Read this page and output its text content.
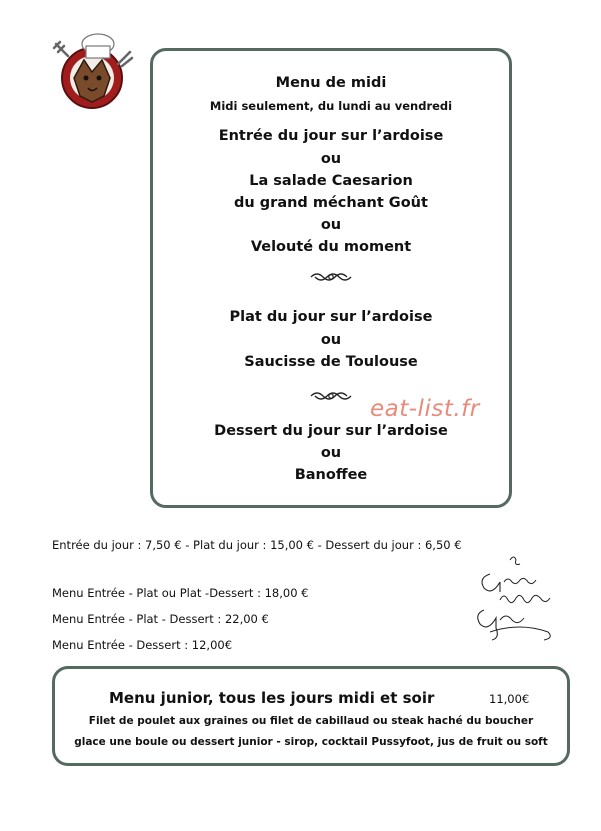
Menu de midi
Midi seulement, du lundi au vendredi
Entrée du jour sur l’ardoise
ou
La salade Caesarion
du grand méchant Goût
ou
Velouté du moment
Plat du jour sur l’ardoise
ou
Saucisse de Toulouse
Dessert du jour sur l’ardoise
ou
Banoffee
eat-list.fr
Entrée du jour : 7,50 € - Plat du jour : 15,00 € - Dessert du jour : 6,50 €
Menu Entrée - Plat ou Plat -Dessert : 18,00 €
Menu Entrée - Plat - Dessert : 22,00 €
Menu Entrée - Dessert : 12,00€
Menu junior, tous les jours midi et soir	11,00€
Filet de poulet aux graines ou filet de cabillaud ou steak haché du boucher
glace une boule ou dessert junior - sirop, cocktail Pussyfoot, jus de fruit ou soft
